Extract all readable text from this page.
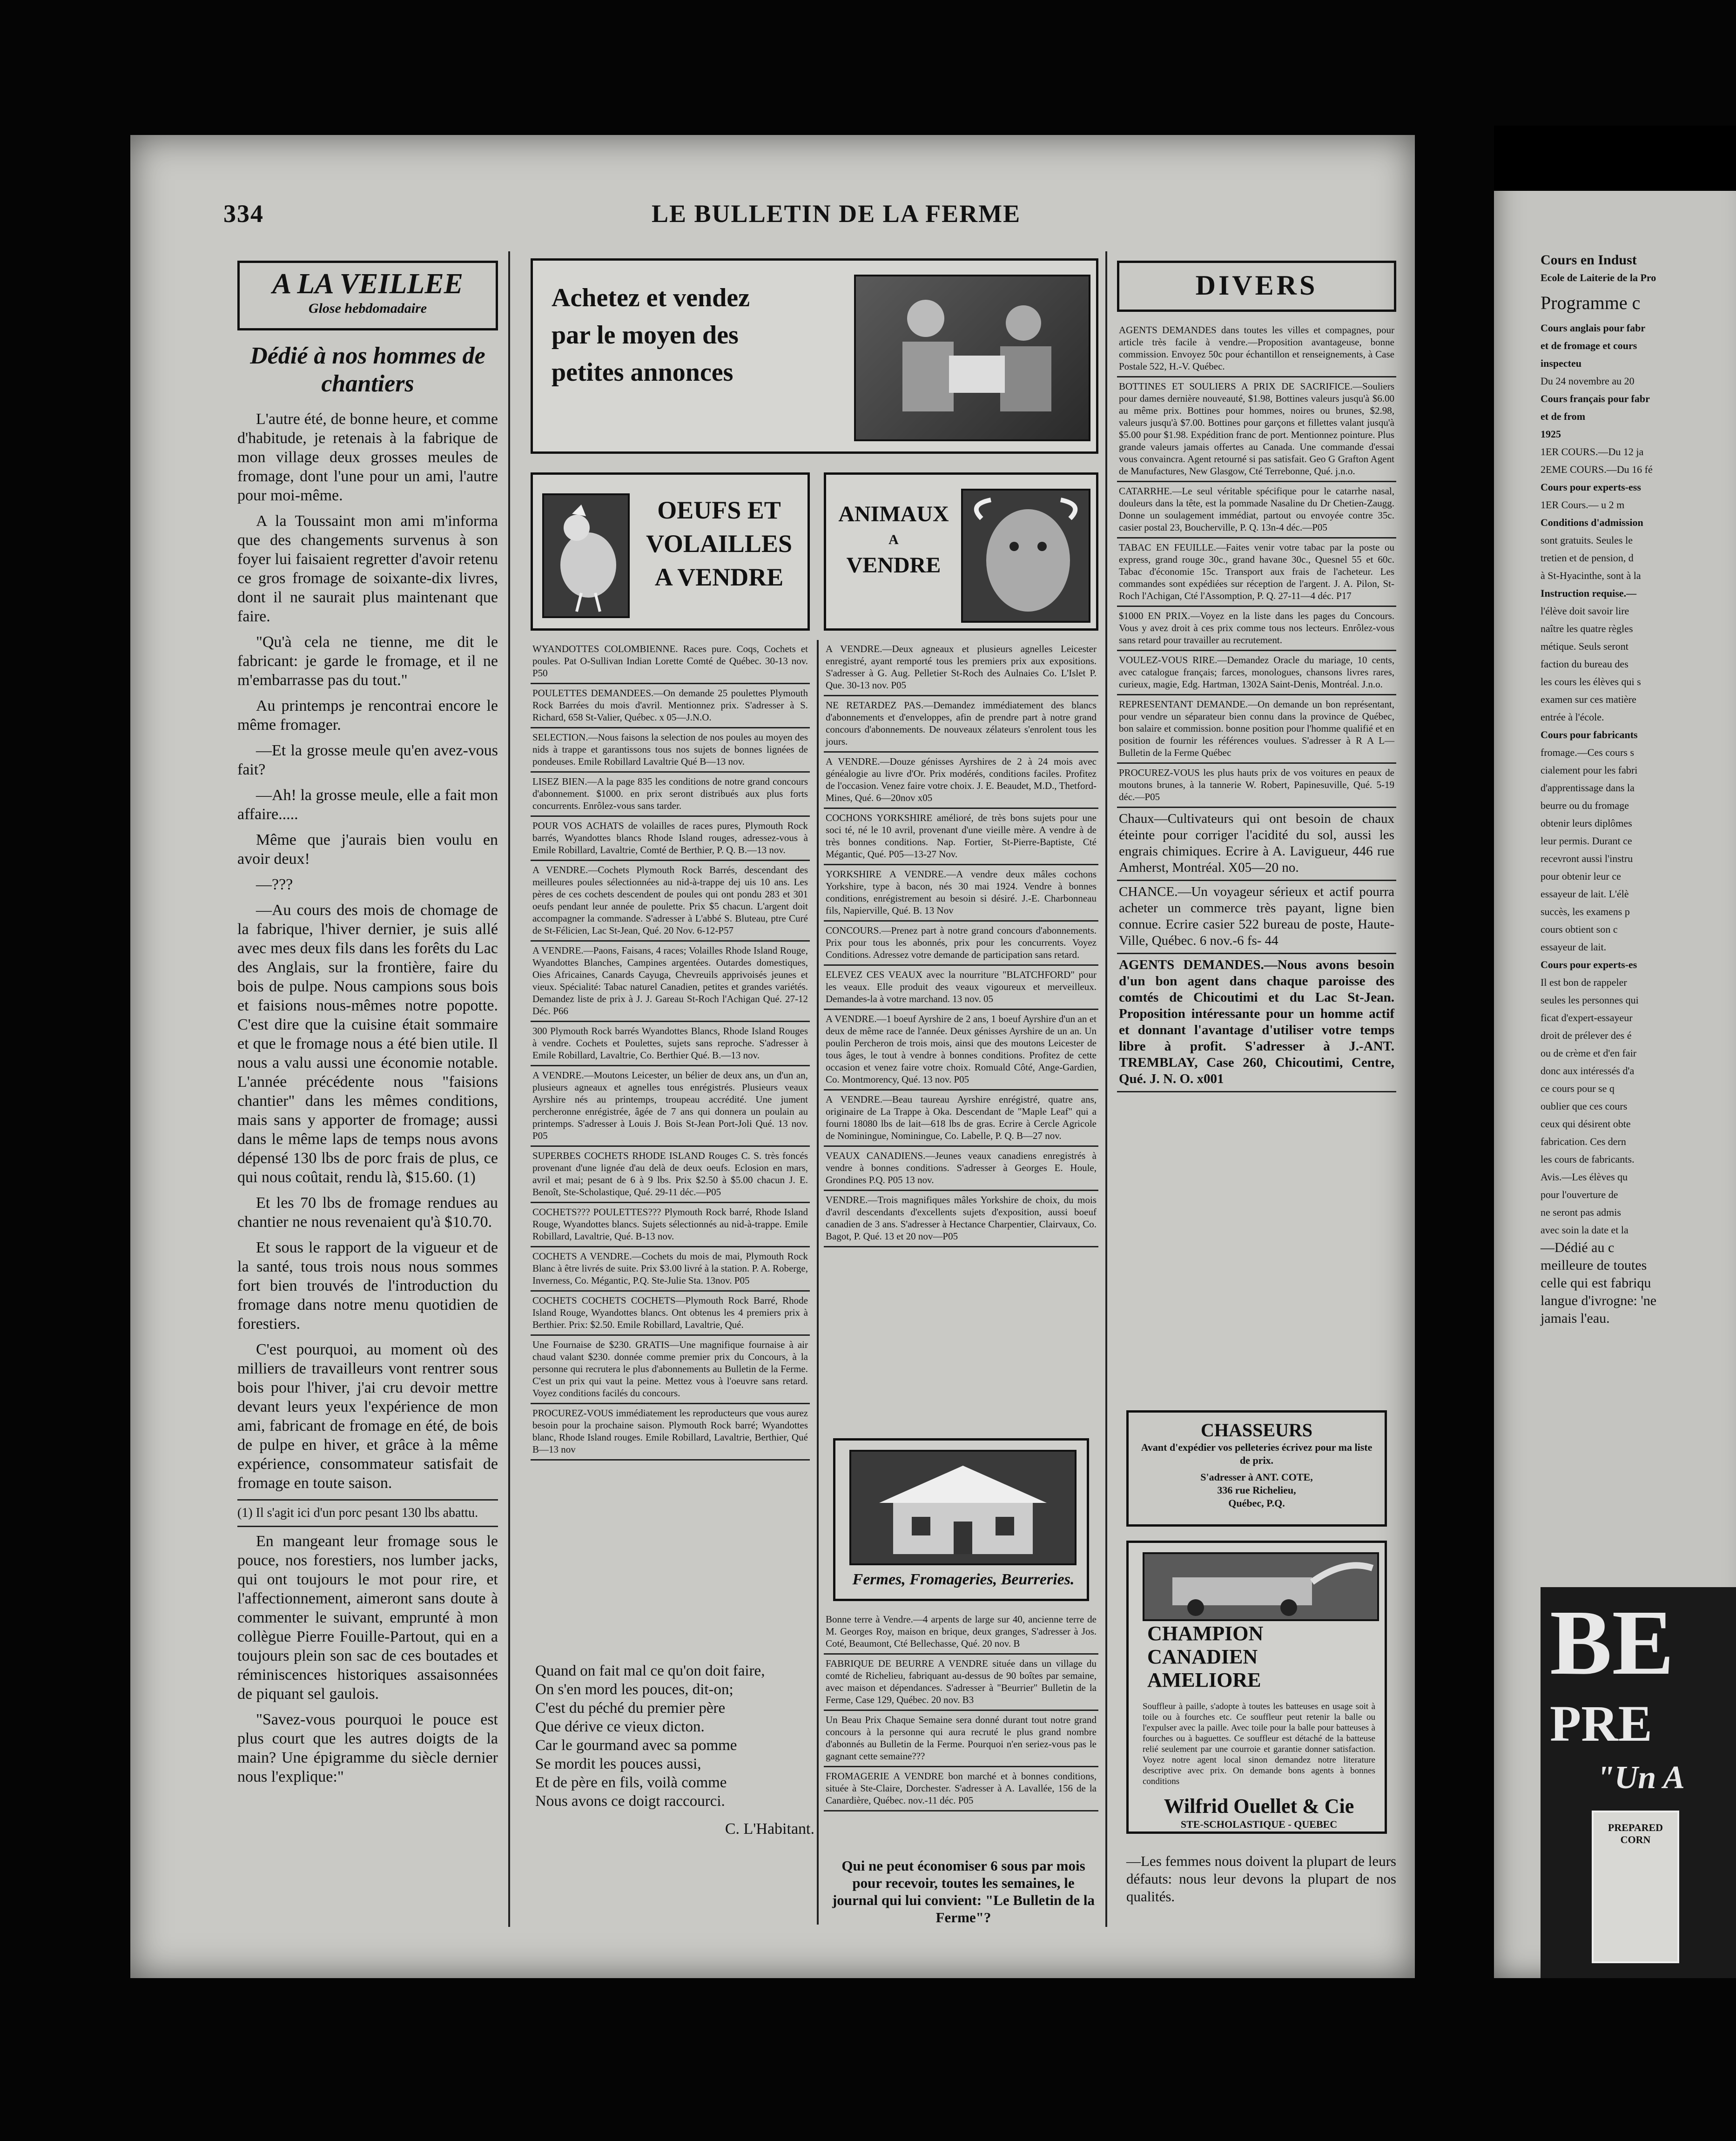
334	LE BULLETIN DE LA FERME
A LA VEILLEE
Glose hebdomadaire
Dédié à nos hommes de chantiers

L'autre été, de bonne heure, et comme d'habitude, je retenais à la fabrique de mon village deux grosses meules de fromage, dont l'une pour un ami, l'autre pour moi-même.

A la Toussaint mon ami m'informa que des changements survenus à son foyer lui faisaient regretter d'avoir retenu ce gros fromage de soixante-dix livres, dont il ne saurait plus maintenant que faire.

"Qu'à cela ne tienne, me dit le fabricant: je garde le fromage, et il ne m'embarrasse pas du tout."

Au printemps je rencontrai encore le même fromager.

—Et la grosse meule qu'en avez-vous fait?

—Ah! la grosse meule, elle a fait mon affaire.....

Même que j'aurais bien voulu en avoir deux!

—???

—Au cours des mois de chomage de la fabrique, l'hiver dernier, je suis allé avec mes deux fils dans les forêts du Lac des Anglais, sur la frontière, faire du bois de pulpe. Nous campions sous bois et faisions nous-mêmes notre popotte. C'est dire que la cuisine était sommaire et que le fromage nous a été bien utile. Il nous a valu aussi une économie notable. L'année précédente nous "faisions chantier" dans les mêmes conditions, mais sans y apporter de fromage; aussi dans le même laps de temps nous avons dépensé 130 lbs de porc frais de plus, ce qui nous coûtait, rendu là, $15.60. (1)

Et les 70 lbs de fromage rendues au chantier ne nous revenaient qu'à $10.70.

Et sous le rapport de la vigueur et de la santé, tous trois nous nous sommes fort bien trouvés de l'introduction du fromage dans notre menu quotidien de forestiers.

C'est pourquoi, au moment où des milliers de travailleurs vont rentrer sous bois pour l'hiver, j'ai cru devoir mettre devant leurs yeux l'expérience de mon ami, fabricant de fromage en été, de bois de pulpe en hiver, et grâce à la même expérience, consommateur satisfait de fromage en toute saison.

(1) Il s'agit ici d'un porc pesant 130 lbs abattu.

En mangeant leur fromage sous le pouce, nos forestiers, nos lumber jacks, qui ont toujours le mot pour rire, et l'affectionnement, aimeront sans doute à commenter le suivant, emprunté à mon collègue Pierre Fouille-Partout, qui en a toujours plein son sac de ces boutades et réminiscences historiques assaisonnées de piquant sel gaulois.

"Savez-vous pourquoi le pouce est plus court que les autres doigts de la main? Une épigramme du siècle dernier nous l'explique:"

Achetez et vendez
par le moyen des
petites annonces
OEUFS ET VOLAILLES A VENDRE
ANIMAUX
A
VENDRE

WYANDOTTES COLOMBIENNE. Races pure. Coqs, Cochets et poules. Pat O-Sullivan Indian Lorette Comté de Québec. 30-13 nov. P50

POULETTES DEMANDEES.—On demande 25 poulettes Plymouth Rock Barrées du mois d'avril. Mentionnez prix. S'adresser à S. Richard, 658 St-Valier, Québec. x 05—J.N.O.

SELECTION.—Nous faisons la selection de nos poules au moyen des nids à trappe et garantissons tous nos sujets de bonnes lignées de pondeuses. Emile Robillard Lavaltrie Qué B—13 nov.

LISEZ BIEN.—A la page 835 les conditions de notre grand concours d'abonnement. $1000. en prix seront distribués aux plus forts concurrents. Enrôlez-vous sans tarder.

POUR VOS ACHATS de volailles de races pures, Plymouth Rock barrés, Wyandottes blancs Rhode Island rouges, adressez-vous à Emile Robillard, Lavaltrie, Comté de Berthier, P. Q. B.—13 nov.

A VENDRE.—Cochets Plymouth Rock Barrés, descendant des meilleures poules sélectionnées au nid-à-trappe dej uis 10 ans. Les pères de ces cochets descendent de poules qui ont pondu 283 et 301 oeufs pendant leur année de poulette. Prix $5 chacun. L'argent doit accompagner la commande. S'adresser à L'abbé S. Bluteau, ptre Curé de St-Félicien, Lac St-Jean, Qué. 20 Nov. 6-12-P57

A VENDRE.—Paons, Faisans, 4 races; Volailles Rhode Island Rouge, Wyandottes Blanches, Campines argentées. Outardes domestiques, Oies Africaines, Canards Cayuga, Chevreuils apprivoisés jeunes et vieux. Spécialité: Tabac naturel Canadien, petites et grandes variétés. Demandez liste de prix à J. J. Gareau St-Roch l'Achigan Qué. 27-12 Déc. P66

300 Plymouth Rock barrés Wyandottes Blancs, Rhode Island Rouges à vendre. Cochets et Poulettes, sujets sans reproche. S'adresser à Emile Robillard, Lavaltrie, Co. Berthier Qué. B.—13 nov.

A VENDRE.—Moutons Leicester, un bélier de deux ans, un d'un an, plusieurs agneaux et agnelles tous enrégistrés. Plusieurs veaux Ayrshire nés au printemps, troupeau accrédité. Une jument percheronne enrégistrée, âgée de 7 ans qui donnera un poulain au printemps. S'adresser à Louis J. Bois St-Jean Port-Joli Qué. 13 nov. P05

SUPERBES COCHETS RHODE ISLAND Rouges C. S. très foncés provenant d'une lignée d'au delà de deux oeufs. Eclosion en mars, avril et mai; pesant de 6 à 9 lbs. Prix $2.50 à $5.00 chacun J. E. Benoît, Ste-Scholastique, Qué. 29-11 déc.—P05

COCHETS??? POULETTES??? Plymouth Rock barré, Rhode Island Rouge, Wyandottes blancs. Sujets sélectionnés au nid-à-trappe. Emile Robillard, Lavaltrie, Qué. B-13 nov.

COCHETS A VENDRE.—Cochets du mois de mai, Plymouth Rock Blanc à être livrés de suite. Prix $3.00 livré à la station. P. A. Roberge, Inverness, Co. Mégantic, P.Q. Ste-Julie Sta. 13nov. P05

COCHETS COCHETS COCHETS—Plymouth Rock Barré, Rhode Island Rouge, Wyandottes blancs. Ont obtenus les 4 premiers prix à Berthier. Prix: $2.50. Emile Robillard, Lavaltrie, Qué.

Une Fournaise de $230. GRATIS—Une magnifique fournaise à air chaud valant $230. donnée comme premier prix du Concours, à la personne qui recrutera le plus d'abonnements au Bulletin de la Ferme. C'est un prix qui vaut la peine. Mettez vous à l'oeuvre sans retard. Voyez conditions facilés du concours.

PROCUREZ-VOUS immédiatement les reproducteurs que vous aurez besoin pour la prochaine saison. Plymouth Rock barré; Wyandottes blanc, Rhode Island rouges. Emile Robillard, Lavaltrie, Berthier, Qué B—13 nov

Quand on fait mal ce qu'on doit faire,
On s'en mord les pouces, dit-on;
C'est du péché du premier père
Que dérive ce vieux dicton.
Car le gourmand avec sa pomme
Se mordit les pouces aussi,
Et de père en fils, voilà comme
Nous avons ce doigt raccourci.
C. L'Habitant.

A VENDRE.—Deux agneaux et plusieurs agnelles Leicester enregistré, ayant remporté tous les premiers prix aux expositions. S'adresser à G. Aug. Pelletier St-Roch des Aulnaies Co. L'Islet P. Que. 30-13 nov. P05

NE RETARDEZ PAS.—Demandez immédiatement des blancs d'abonnements et d'enveloppes, afin de prendre part à notre grand concours d'abonnements. De nouveaux zélateurs s'enrolent tous les jours.

A VENDRE.—Douze génisses Ayrshires de 2 à 24 mois avec généalogie au livre d'Or. Prix modérés, conditions faciles. Profitez de l'occasion. Venez faire votre choix. J. E. Beaudet, M.D., Thetford-Mines, Qué. 6—20nov x05

COCHONS YORKSHIRE amélioré, de très bons sujets pour une soci té, né le 10 avril, provenant d'une vieille mère. A vendre à de très bonnes conditions. Nap. Fortier, St-Pierre-Baptiste, Cté Mégantic, Qué. P05—13-27 Nov.

YORKSHIRE A VENDRE.—A vendre deux mâles cochons Yorkshire, type à bacon, nés 30 mai 1924. Vendre à bonnes conditions, enrégistrement au besoin si désiré. J.-E. Charbonneau fils, Napierville, Qué. B. 13 Nov

CONCOURS.—Prenez part à notre grand concours d'abonnements. Prix pour tous les abonnés, prix pour les concurrents. Voyez Conditions. Adressez votre demande de participation sans retard.

ELEVEZ CES VEAUX avec la nourriture "BLATCHFORD" pour les veaux. Elle produit des veaux vigoureux et merveilleux. Demandes-la à votre marchand. 13 nov. 05

A VENDRE.—1 boeuf Ayrshire de 2 ans, 1 boeuf Ayrshire d'un an et deux de même race de l'année. Deux génisses Ayrshire de un an. Un poulin Percheron de trois mois, ainsi que des moutons Leicester de tous âges, le tout à vendre à bonnes conditions. Profitez de cette occasion et venez faire votre choix. Romuald Côté, Ange-Gardien, Co. Montmorency, Qué. 13 nov. P05

A VENDRE.—Beau taureau Ayrshire enrégistré, quatre ans, originaire de La Trappe à Oka. Descendant de "Maple Leaf" qui a fourni 18080 lbs de lait—618 lbs de gras. Ecrire à Cercle Agricole de Nominingue, Nominingue, Co. Labelle, P. Q. B—27 nov.

VEAUX CANADIENS.—Jeunes veaux canadiens enregistrés à vendre à bonnes conditions. S'adresser à Georges E. Houle, Grondines P.Q. P05 13 nov.

VENDRE.—Trois magnifiques mâles Yorkshire de choix, du mois d'avril descendants d'excellents sujets d'exposition, aussi boeuf canadien de 3 ans. S'adresser à Hectance Charpentier, Clairvaux, Co. Bagot, P. Qué. 13 et 20 nov—P05

Fermes, Fromageries, Beurreries.

Bonne terre à Vendre.—4 arpents de large sur 40, ancienne terre de M. Georges Roy, maison en brique, deux granges, S'adresser à Jos. Coté, Beaumont, Cté Bellechasse, Qué. 20 nov. B

FABRIQUE DE BEURRE A VENDRE située dans un village du comté de Richelieu, fabriquant au-dessus de 90 boîtes par semaine, avec maison et dépendances. S'adresser à "Beurrier" Bulletin de la Ferme, Case 129, Québec. 20 nov. B3

Un Beau Prix Chaque Semaine sera donné durant tout notre grand concours à la personne qui aura recruté le plus grand nombre d'abonnés au Bulletin de la Ferme. Pourquoi n'en seriez-vous pas le gagnant cette semaine???

FROMAGERIE A VENDRE bon marché et à bonnes conditions, située à Ste-Claire, Dorchester. S'adresser à A. Lavallée, 156 de la Canardière, Québec. nov.-11 déc. P05

Qui ne peut économiser 6 sous par mois pour recevoir, toutes les semaines, le journal qui lui convient: "Le Bulletin de la Ferme"?
DIVERS

AGENTS DEMANDES dans toutes les villes et compagnes, pour article très facile à vendre.—Proposition avantageuse, bonne commission. Envoyez 50c pour échantillon et renseignements, à Case Postale 522, H.-V. Québec.

BOTTINES ET SOULIERS A PRIX DE SACRIFICE.—Souliers pour dames dernière nouveauté, $1.98, Bottines valeurs jusqu'à $6.00 au même prix. Bottines pour hommes, noires ou brunes, $2.98, valeurs jusqu'à $7.00. Bottines pour garçons et fillettes valant jusqu'à $5.00 pour $1.98. Expédition franc de port. Mentionnez pointure. Plus grande valeurs jamais offertes au Canada. Une commande d'essai vous convaincra. Agent retourné si pas satisfait. Geo G Grafton Agent de Manufactures, New Glasgow, Cté Terrebonne, Qué. j.n.o.

CATARRHE.—Le seul véritable spécifique pour le catarrhe nasal, douleurs dans la tête, est la pommade Nasaline du Dr Chetien-Zaugg. Donne un soulagement immédiat, partout ou envoyée contre 35c. casier postal 23, Boucherville, P. Q. 13n-4 déc.—P05

TABAC EN FEUILLE.—Faites venir votre tabac par la poste ou express, grand rouge 30c., grand havane 30c., Quesnel 55 et 60c. Tabac d'économie 15c. Transport aux frais de l'acheteur. Les commandes sont expédiées sur réception de l'argent. J. A. Pilon, St-Roch l'Achigan, Cté l'Assomption, P. Q. 27-11—4 déc. P17

$1000 EN PRIX.—Voyez en la liste dans les pages du Concours. Vous y avez droit à ces prix comme tous nos lecteurs. Enrôlez-vous sans retard pour travailler au recrutement.

VOULEZ-VOUS RIRE.—Demandez Oracle du mariage, 10 cents, avec catalogue français; farces, monologues, chansons livres rares, curieux, magie, Edg. Hartman, 1302A Saint-Denis, Montréal. J.n.o.

REPRESENTANT DEMANDE.—On demande un bon représentant, pour vendre un séparateur bien connu dans la province de Québec, bon salaire et commission. bonne position pour l'homme qualifié et en position de fournir les références voulues. S'adresser à R A L—Bulletin de la Ferme Québec

PROCUREZ-VOUS les plus hauts prix de vos voitures en peaux de moutons brunes, à la tannerie W. Robert, Papinesuville, Qué. 5-19 déc.—P05

Chaux—Cultivateurs qui ont besoin de chaux éteinte pour corriger l'acidité du sol, aussi les engrais chimiques. Ecrire à A. Lavigueur, 446 rue Amherst, Montréal. X05—20 no.

CHANCE.—Un voyageur sérieux et actif pourra acheter un commerce très payant, ligne bien connue. Ecrire casier 522 bureau de poste, Haute-Ville, Québec. 6 nov.-6 fs- 44

AGENTS DEMANDES.—Nous avons besoin d'un bon agent dans chaque paroisse des comtés de Chicoutimi et du Lac St-Jean. Proposition intéressante pour un homme actif et donnant l'avantage d'utiliser votre temps libre à profit. S'adresser à J.-ANT. TREMBLAY, Case 260, Chicoutimi, Centre, Qué. J. N. O. x001

CHASSEURS
Avant d'expédier vos pelleteries écrivez pour ma liste de prix.
S'adresser à ANT. COTE,
336 rue Richelieu,
Québec, P.Q.
CHAMPION
CANADIEN
AMELIORE
Souffleur à paille, s'adopte à toutes les batteuses en usage soit à toile ou à fourches etc. Ce souffleur peut retenir la balle ou l'expulser avec la paille. Avec toile pour la balle pour batteuses à fourches ou à baguettes. Ce souffleur est détaché de la batteuse relié seulement par une courroie et garantie donner satisfaction. Voyez notre agent local sinon demandez notre literature descriptive avec prix. On demande bons agents à bonnes conditions
Wilfrid Ouellet & Cie
STE-SCHOLASTIQUE - QUEBEC
—Les femmes nous doivent la plupart de leurs défauts: nous leur devons la plupart de nos qualités.
Cours en Indust
Ecole de Laiterie de la Pro
Programme c
Cours anglais pour fabr
et de fromage et cours
inspecteu
Du 24 novembre au 20
Cours français pour fabr
et de from
1925
1ER COURS.—Du 12 ja
2EME COURS.—Du 16 fé
Cours pour experts-ess
1ER Cours.— u 2 m
Conditions d'admission
sont gratuits. Seules le
tretien et de pension, d
à St-Hyacinthe, sont à la
Instruction requise.—
l'élève doit savoir lire
naître les quatre règles
métique. Seuls seront
faction du bureau des
les cours les élèves qui s
examen sur ces matière
entrée à l'école.
Cours pour fabricants
fromage.—Ces cours s
cialement pour les fabri
d'apprentissage dans la
beurre ou du fromage
obtenir leurs diplômes
leur permis. Durant ce
recevront aussi l'instru
pour obtenir leur ce
essayeur de lait. L'élè
succès, les examens p
cours obtient son c
essayeur de lait.
Cours pour experts-es
Il est bon de rappeler
seules les personnes qui
ficat d'expert-essayeur
droit de prélever des é
ou de crème et d'en fair
donc aux intéressés d'a
ce cours pour se q
oublier que ces cours
ceux qui désirent obte
fabrication. Ces dern
les cours de fabricants.
Avis.—Les élèves qu
pour l'ouverture de
ne seront pas admis
avec soin la date et la
—Dédié au c
meilleure de toutes
celle qui est fabriqu
langue d'ivrogne: 'ne
jamais l'eau.
BE
PRE
"Un A
PREPARED CORN
